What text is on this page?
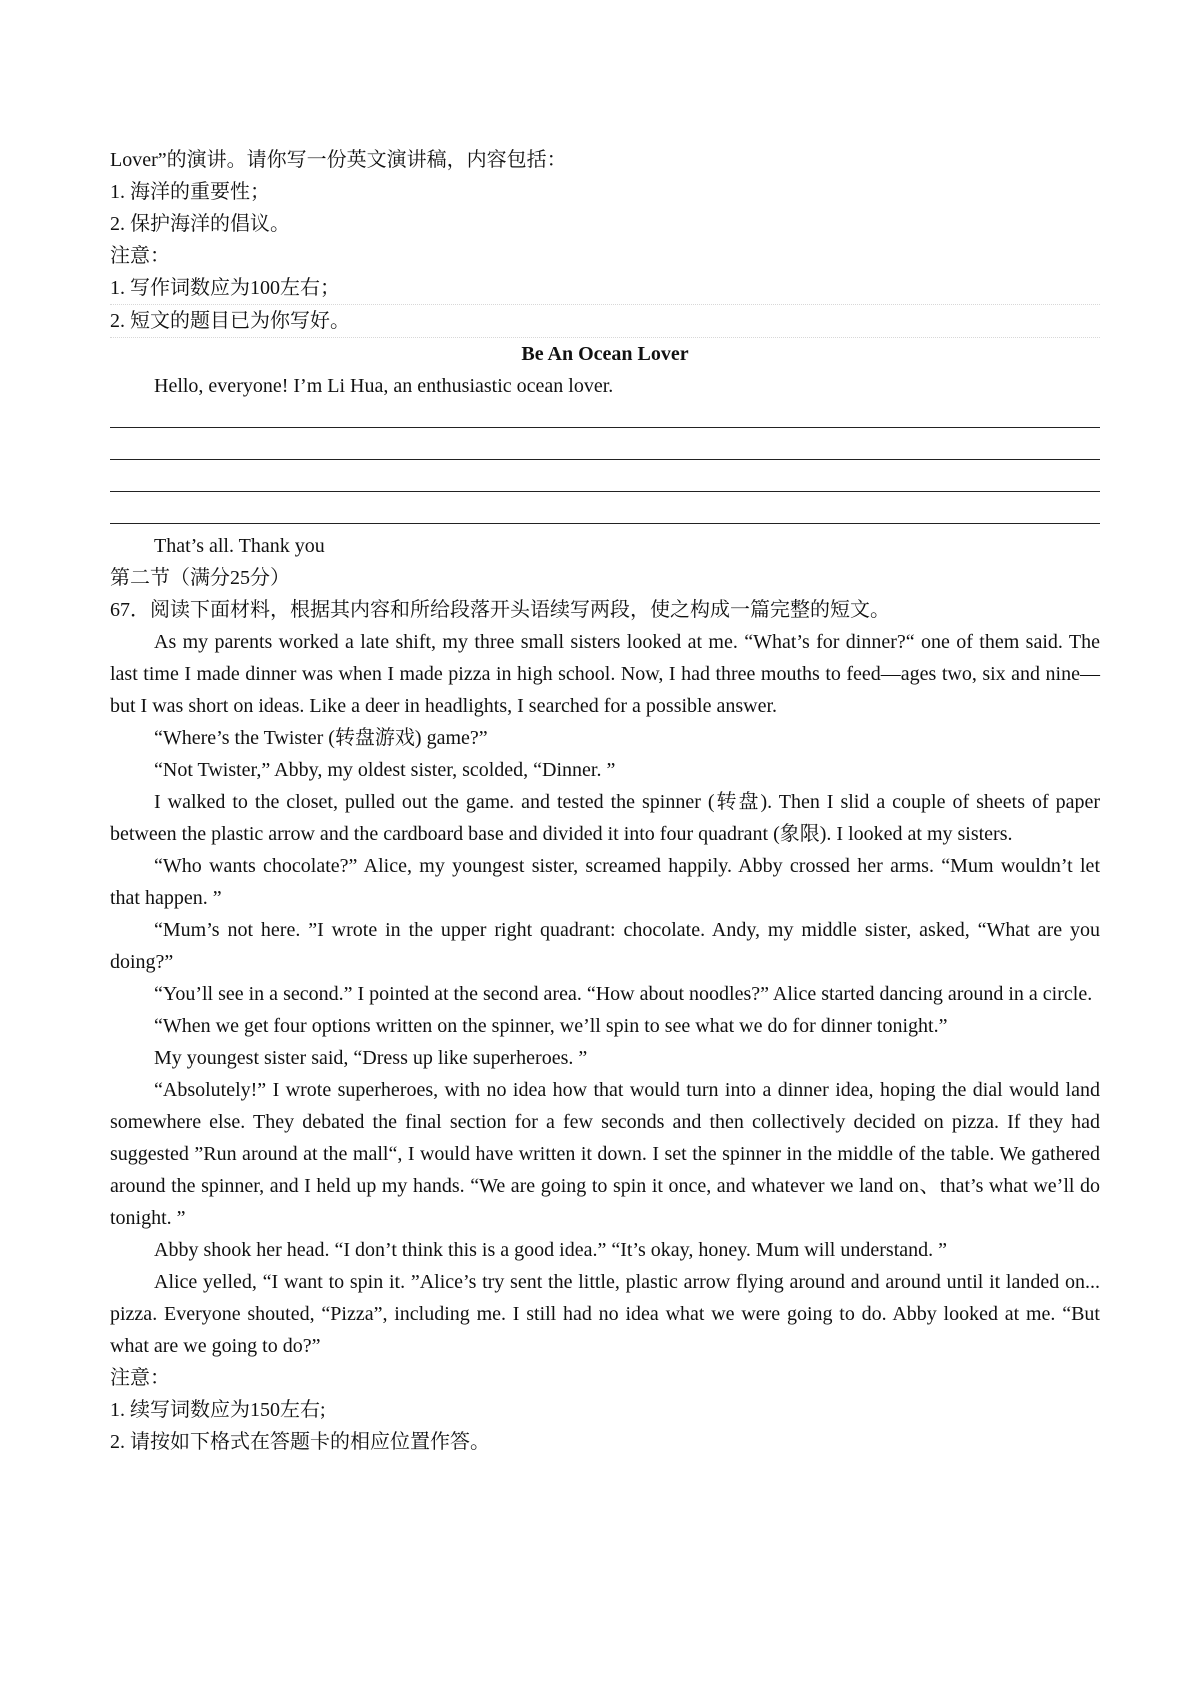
Lover”的演讲。请你写一份英文演讲稿，内容包括：
1. 海洋的重要性；
2. 保护海洋的倡议。
注意：
1. 写作词数应为100左右；
2. 短文的题目已为你写好。
Be An Ocean Lover
Hello, everyone! I’m Li Hua, an enthusiastic ocean lover.
That’s all. Thank you
第二节（满分25分）
67．阅读下面材料，根据其内容和所给段落开头语续写两段，使之构成一篇完整的短文。
As my parents worked a late shift, my three small sisters looked at me. “What’s for dinner?“ one of them said. The last time I made dinner was when I made pizza in high school. Now, I had three mouths to feed—ages two, six and nine—but I was short on ideas. Like a deer in headlights, I searched for a possible answer.
“Where’s the Twister (转盘游戏) game?”
“Not Twister,” Abby, my oldest sister, scolded, “Dinner. ”
I walked to the closet, pulled out the game. and tested the spinner (转盘). Then I slid a couple of sheets of paper between the plastic arrow and the cardboard base and divided it into four quadrant (象限). I looked at my sisters.
“Who wants chocolate?” Alice, my youngest sister, screamed happily. Abby crossed her arms. “Mum wouldn’t let that happen. ”
“Mum’s not here. ”I wrote in the upper right quadrant: chocolate. Andy, my middle sister, asked, “What are you doing?”
“You’ll see in a second.” I pointed at the second area. “How about noodles?” Alice started dancing around in a circle.
“When we get four options written on the spinner, we’ll spin to see what we do for dinner tonight.”
My youngest sister said, “Dress up like superheroes. ”
“Absolutely!” I wrote superheroes, with no idea how that would turn into a dinner idea, hoping the dial would land somewhere else. They debated the final section for a few seconds and then collectively decided on pizza. If they had suggested ”Run around at the mall“, I would have written it down. I set the spinner in the middle of the table. We gathered around the spinner, and I held up my hands. “We are going to spin it once, and whatever we land on、that’s what we’ll do tonight. ”
Abby shook her head. “I don’t think this is a good idea.” “It’s okay, honey. Mum will understand. ”
Alice yelled, “I want to spin it. ”Alice’s try sent the little, plastic arrow flying around and around until it landed on... pizza. Everyone shouted, “Pizza”, including me. I still had no idea what we were going to do. Abby looked at me. “But what are we going to do?”
注意：
1. 续写词数应为150左右;
2. 请按如下格式在答题卡的相应位置作答。
